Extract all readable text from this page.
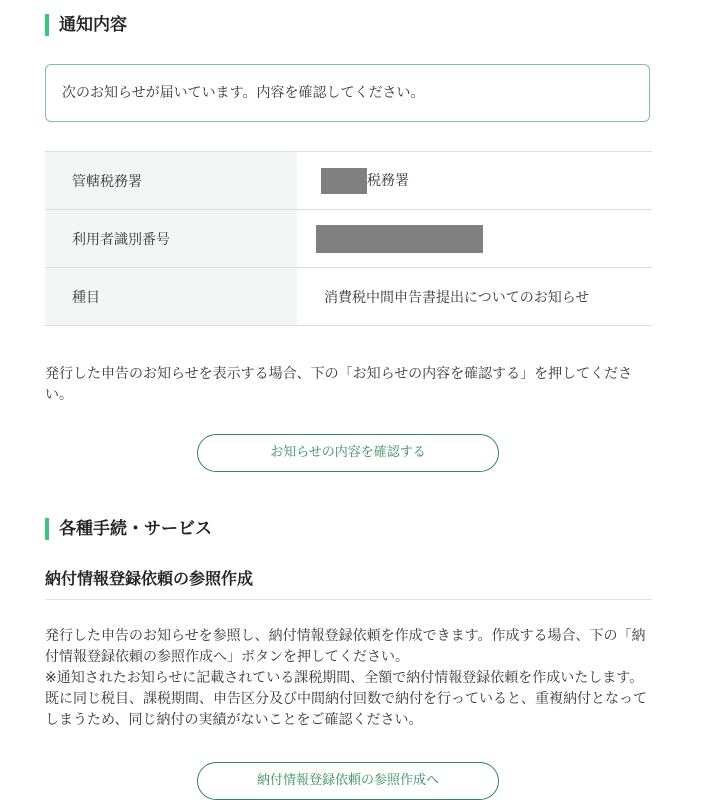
通知内容
次のお知らせが届いています。内容を確認してください。
管轄税務署	税務署
利用者識別番号	
種目	消費税中間申告書提出についてのお知らせ
発行した申告のお知らせを表示する場合、下の「お知らせの内容を確認する」を押してください。
お知らせの内容を確認する
各種手続・サービス
納付情報登録依頼の参照作成
発行した申告のお知らせを参照し、納付情報登録依頼を作成できます。作成する場合、下の「納付情報登録依頼の参照作成へ」ボタンを押してください。
※通知されたお知らせに記載されている課税期間、全額で納付情報登録依頼を作成いたします。既に同じ税目、課税期間、申告区分及び中間納付回数で納付を行っていると、重複納付となってしまうため、同じ納付の実績がないことをご確認ください。
納付情報登録依頼の参照作成へ
